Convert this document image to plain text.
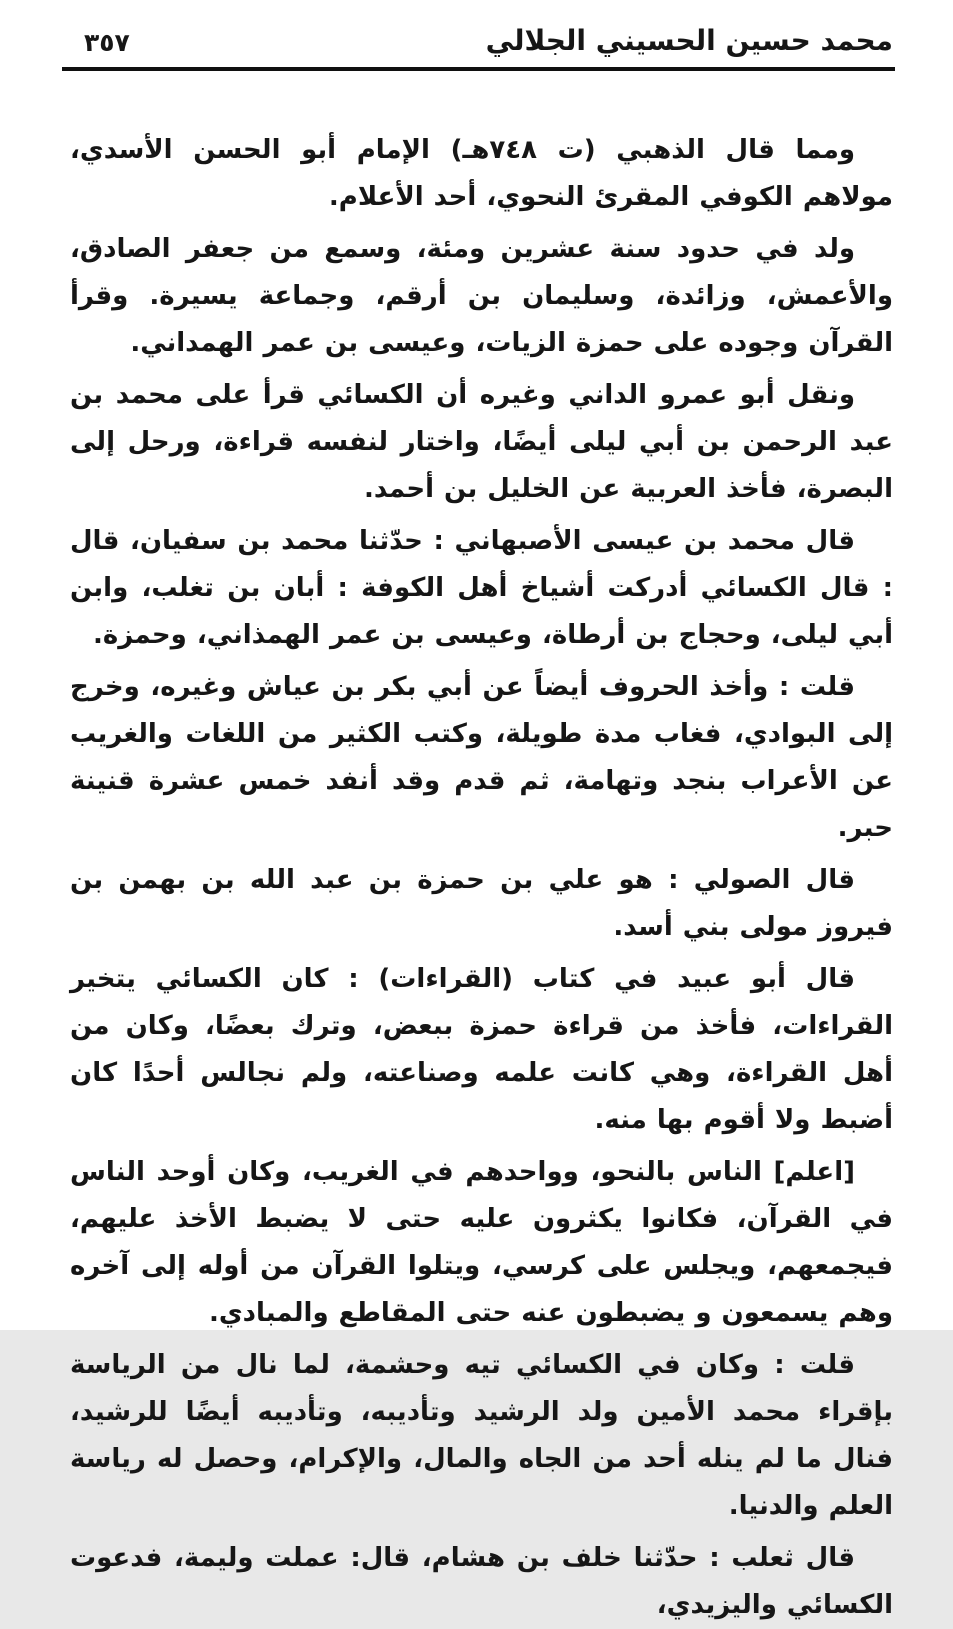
٣٥٧	محمد حسين الحسيني الجلالي

ومما قال الذهبي (ت ٧٤٨هـ) الإمام أبو الحسن الأسدي، مولاهم الكوفي المقرئ النحوي، أحد الأعلام.

ولد في حدود سنة عشرين ومئة، وسمع من جعفر الصادق، والأعمش، وزائدة، وسليمان بن أرقم، وجماعة يسيرة. وقرأ القرآن وجوده على حمزة الزيات، وعيسى بن عمر الهمداني.

ونقل أبو عمرو الداني وغيره أن الكسائي قرأ على محمد بن عبد الرحمن بن أبي ليلى أيضًا، واختار لنفسه قراءة، ورحل إلى البصرة، فأخذ العربية عن الخليل بن أحمد.

قال محمد بن عيسى الأصبهاني : حدّثنا محمد بن سفيان، قال : قال الكسائي أدركت أشياخ أهل الكوفة : أبان بن تغلب، وابن أبي ليلى، وحجاج بن أرطاة، وعيسى بن عمر الهمذاني، وحمزة.

قلت : وأخذ الحروف أيضاً عن أبي بكر بن عياش وغيره، وخرج إلى البوادي، فغاب مدة طويلة، وكتب الكثير من اللغات والغريب عن الأعراب بنجد وتهامة، ثم قدم وقد أنفد خمس عشرة قنينة حبر.

قال الصولي : هو علي بن حمزة بن عبد الله بن بهمن بن فيروز مولى بني أسد.

قال أبو عبيد في كتاب (القراءات) : كان الكسائي يتخير القراءات، فأخذ من قراءة حمزة ببعض، وترك بعضًا، وكان من أهل القراءة، وهي كانت علمه وصناعته، ولم نجالس أحدًا كان أضبط ولا أقوم بها منه.

[اعلم] الناس بالنحو، وواحدهم في الغريب، وكان أوحد الناس في القرآن، فكانوا يكثرون عليه حتى لا يضبط الأخذ عليهم، فيجمعهم، ويجلس على كرسي، ويتلوا القرآن من أوله إلى آخره وهم يسمعون و يضبطون عنه حتى المقاطع والمبادي.

قلت : وكان في الكسائي تيه وحشمة، لما نال من الرياسة بإقراء محمد الأمين ولد الرشيد وتأديبه، وتأديبه أيضًا للرشيد، فنال ما لم ينله أحد من الجاه والمال، والإكرام، وحصل له رياسة العلم والدنيا.

قال ثعلب : حدّثنا خلف بن هشام، قال: عملت وليمة، فدعوت الكسائي واليزيدي،
